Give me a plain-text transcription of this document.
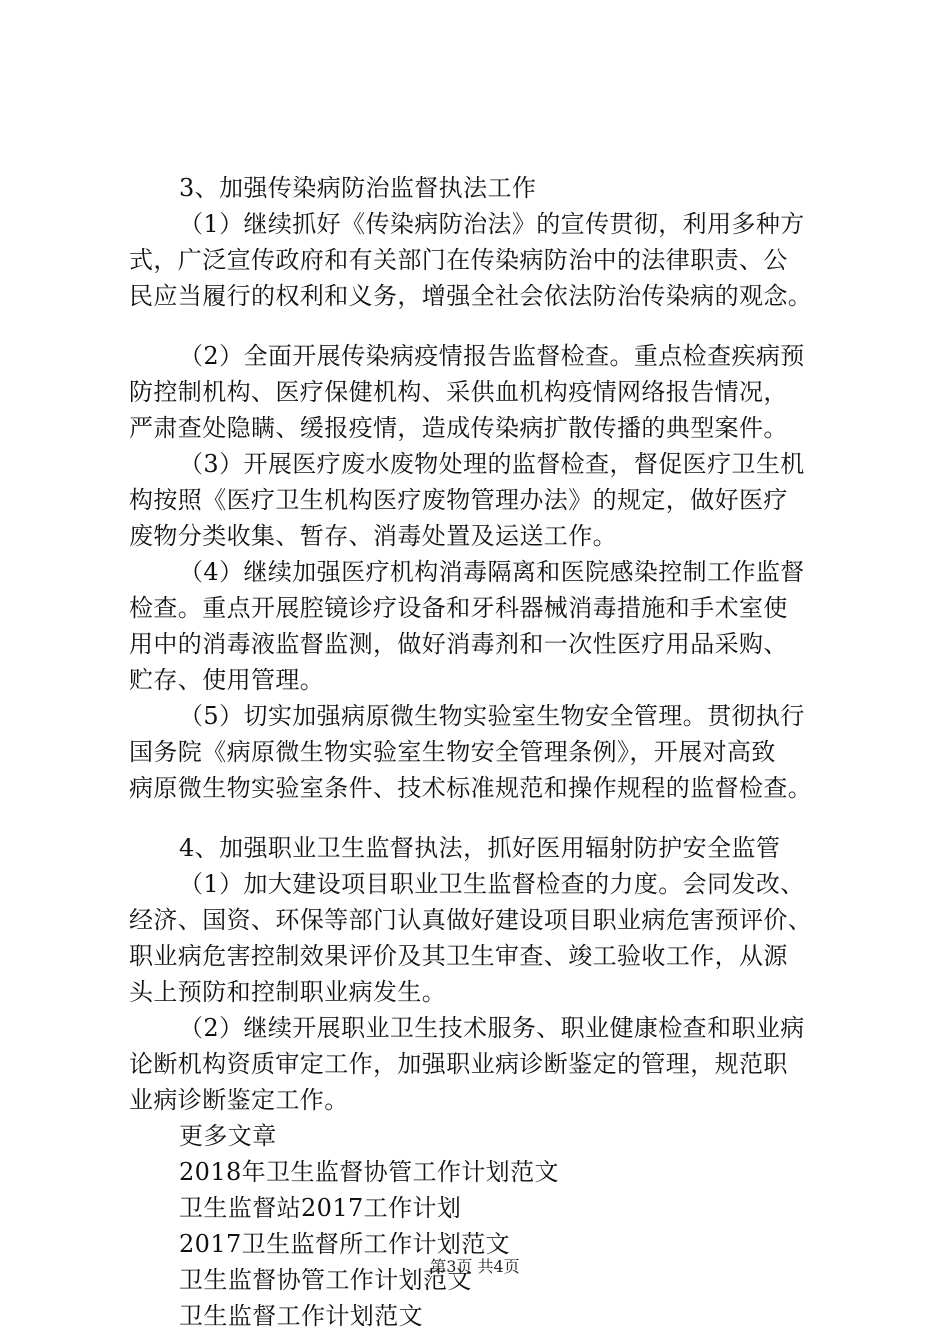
3、加强传染病防治监督执法工作
（1）继续抓好《传染病防治法》的宣传贯彻，利用多种方
式，广泛宣传政府和有关部门在传染病防治中的法律职责、公
民应当履行的权利和义务，增强全社会依法防治传染病的观念。
（2）全面开展传染病疫情报告监督检查。重点检查疾病预
防控制机构、医疗保健机构、采供血机构疫情网络报告情况，
严肃查处隐瞒、缓报疫情，造成传染病扩散传播的典型案件。
（3）开展医疗废水废物处理的监督检查，督促医疗卫生机
构按照《医疗卫生机构医疗废物管理办法》的规定，做好医疗
废物分类收集、暂存、消毒处置及运送工作。
（4）继续加强医疗机构消毒隔离和医院感染控制工作监督
检查。重点开展腔镜诊疗设备和牙科器械消毒措施和手术室使
用中的消毒液监督监测，做好消毒剂和一次性医疗用品采购、
贮存、使用管理。
（5）切实加强病原微生物实验室生物安全管理。贯彻执行
国务院《病原微生物实验室生物安全管理条例》，开展对高致
病原微生物实验室条件、技术标准规范和操作规程的监督检查。
4、加强职业卫生监督执法，抓好医用辐射防护安全监管
（1）加大建设项目职业卫生监督检查的力度。会同发改、
经济、国资、环保等部门认真做好建设项目职业病危害预评价、
职业病危害控制效果评价及其卫生审查、竣工验收工作，从源
头上预防和控制职业病发生。
（2）继续开展职业卫生技术服务、职业健康检查和职业病
论断机构资质审定工作，加强职业病诊断鉴定的管理，规范职
业病诊断鉴定工作。
更多文章
2018年卫生监督协管工作计划范文
卫生监督站2017工作计划
2017卫生监督所工作计划范文
卫生监督协管工作计划范文
卫生监督工作计划范文
第3页 共4页
